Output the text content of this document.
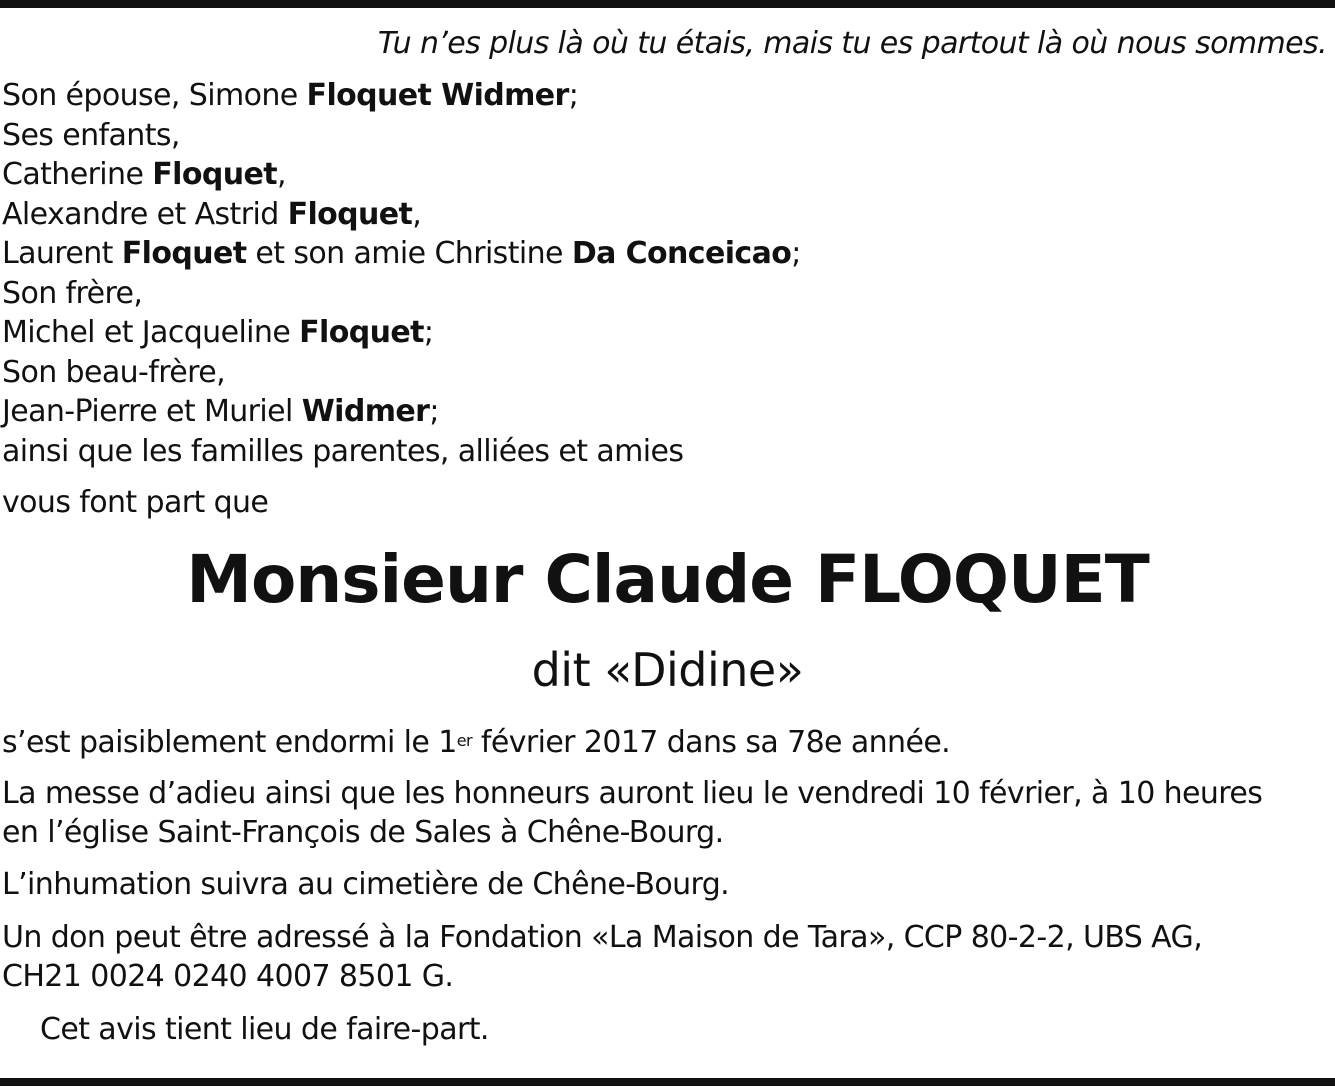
Tu n’es plus là où tu étais, mais tu es partout là où nous sommes.
Son épouse, Simone Floquet Widmer;
Ses enfants,
Catherine Floquet,
Alexandre et Astrid Floquet,
Laurent Floquet et son amie Christine Da Conceicao;
Son frère,
Michel et Jacqueline Floquet;
Son beau-frère,
Jean-Pierre et Muriel Widmer;
ainsi que les familles parentes, alliées et amies
vous font part que
Monsieur Claude FLOQUET
dit «Didine»
s’est paisiblement endormi le 1er février 2017 dans sa 78e année.
La messe d’adieu ainsi que les honneurs auront lieu le vendredi 10 février, à 10 heures
en l’église Saint-François de Sales à Chêne-Bourg.
L’inhumation suivra au cimetière de Chêne-Bourg.
Un don peut être adressé à la Fondation «La Maison de Tara», CCP 80-2-2, UBS AG,
CH21 0024 0240 4007 8501 G.
Cet avis tient lieu de faire-part.
